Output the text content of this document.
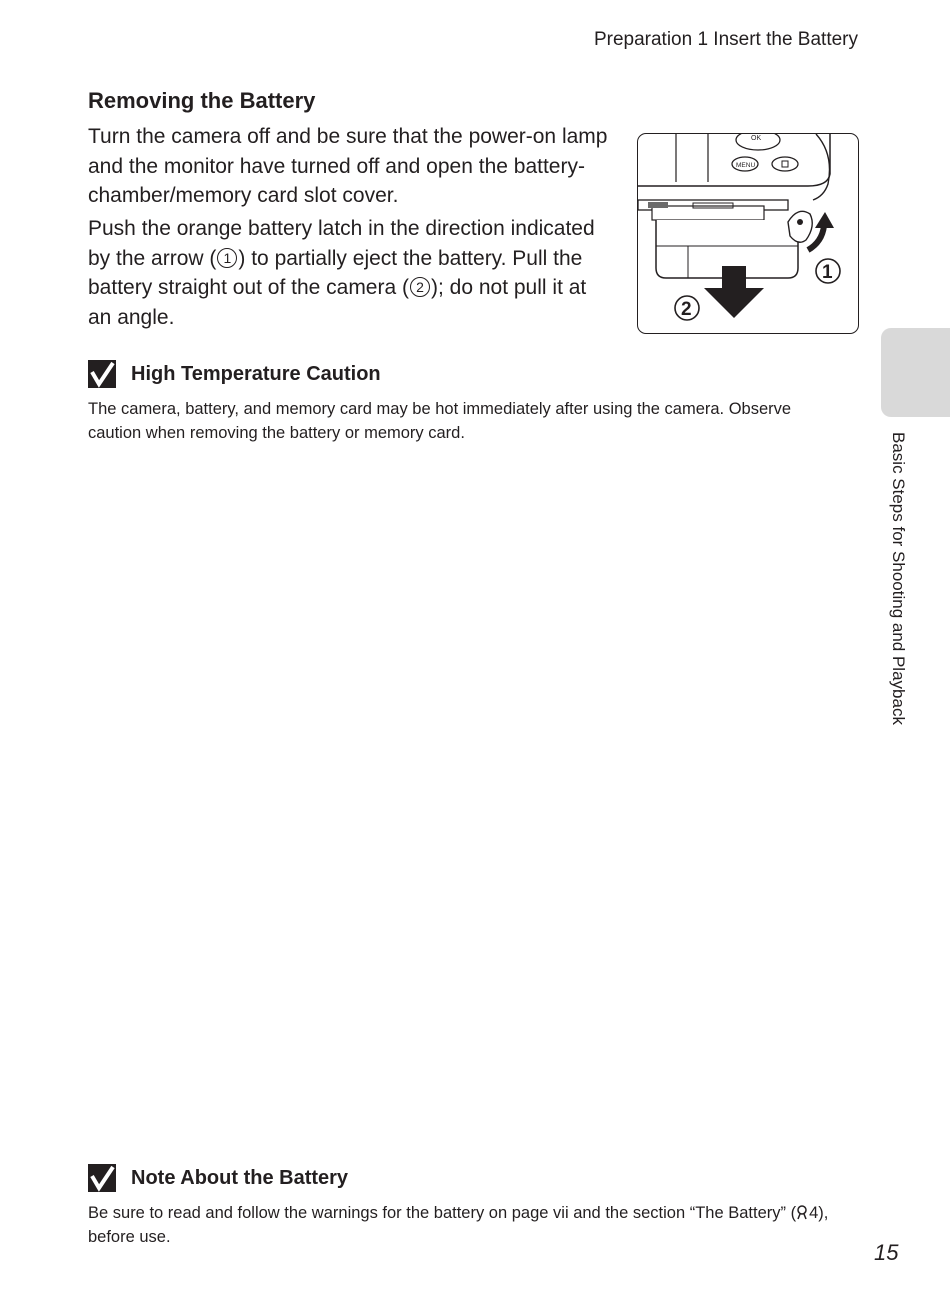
Preparation 1 Insert the Battery
Removing the Battery

Turn the camera off and be sure that the power-on lamp and the monitor have turned off and open the battery-chamber/memory card slot cover.

Push the orange battery latch in the direction indicated by the arrow ( 1 ) to partially eject the battery. Pull the battery straight out of the camera ( 2 ); do not pull it at an angle.

OK
MENU
1
2
High Temperature Caution

The camera, battery, and memory card may be hot immediately after using the camera. Observe caution when removing the battery or memory card.

Note About the Battery

Be sure to read and follow the warnings for the battery on page vii and the section “The Battery” ( 4), before use.

Basic Steps for Shooting and Playback
15
